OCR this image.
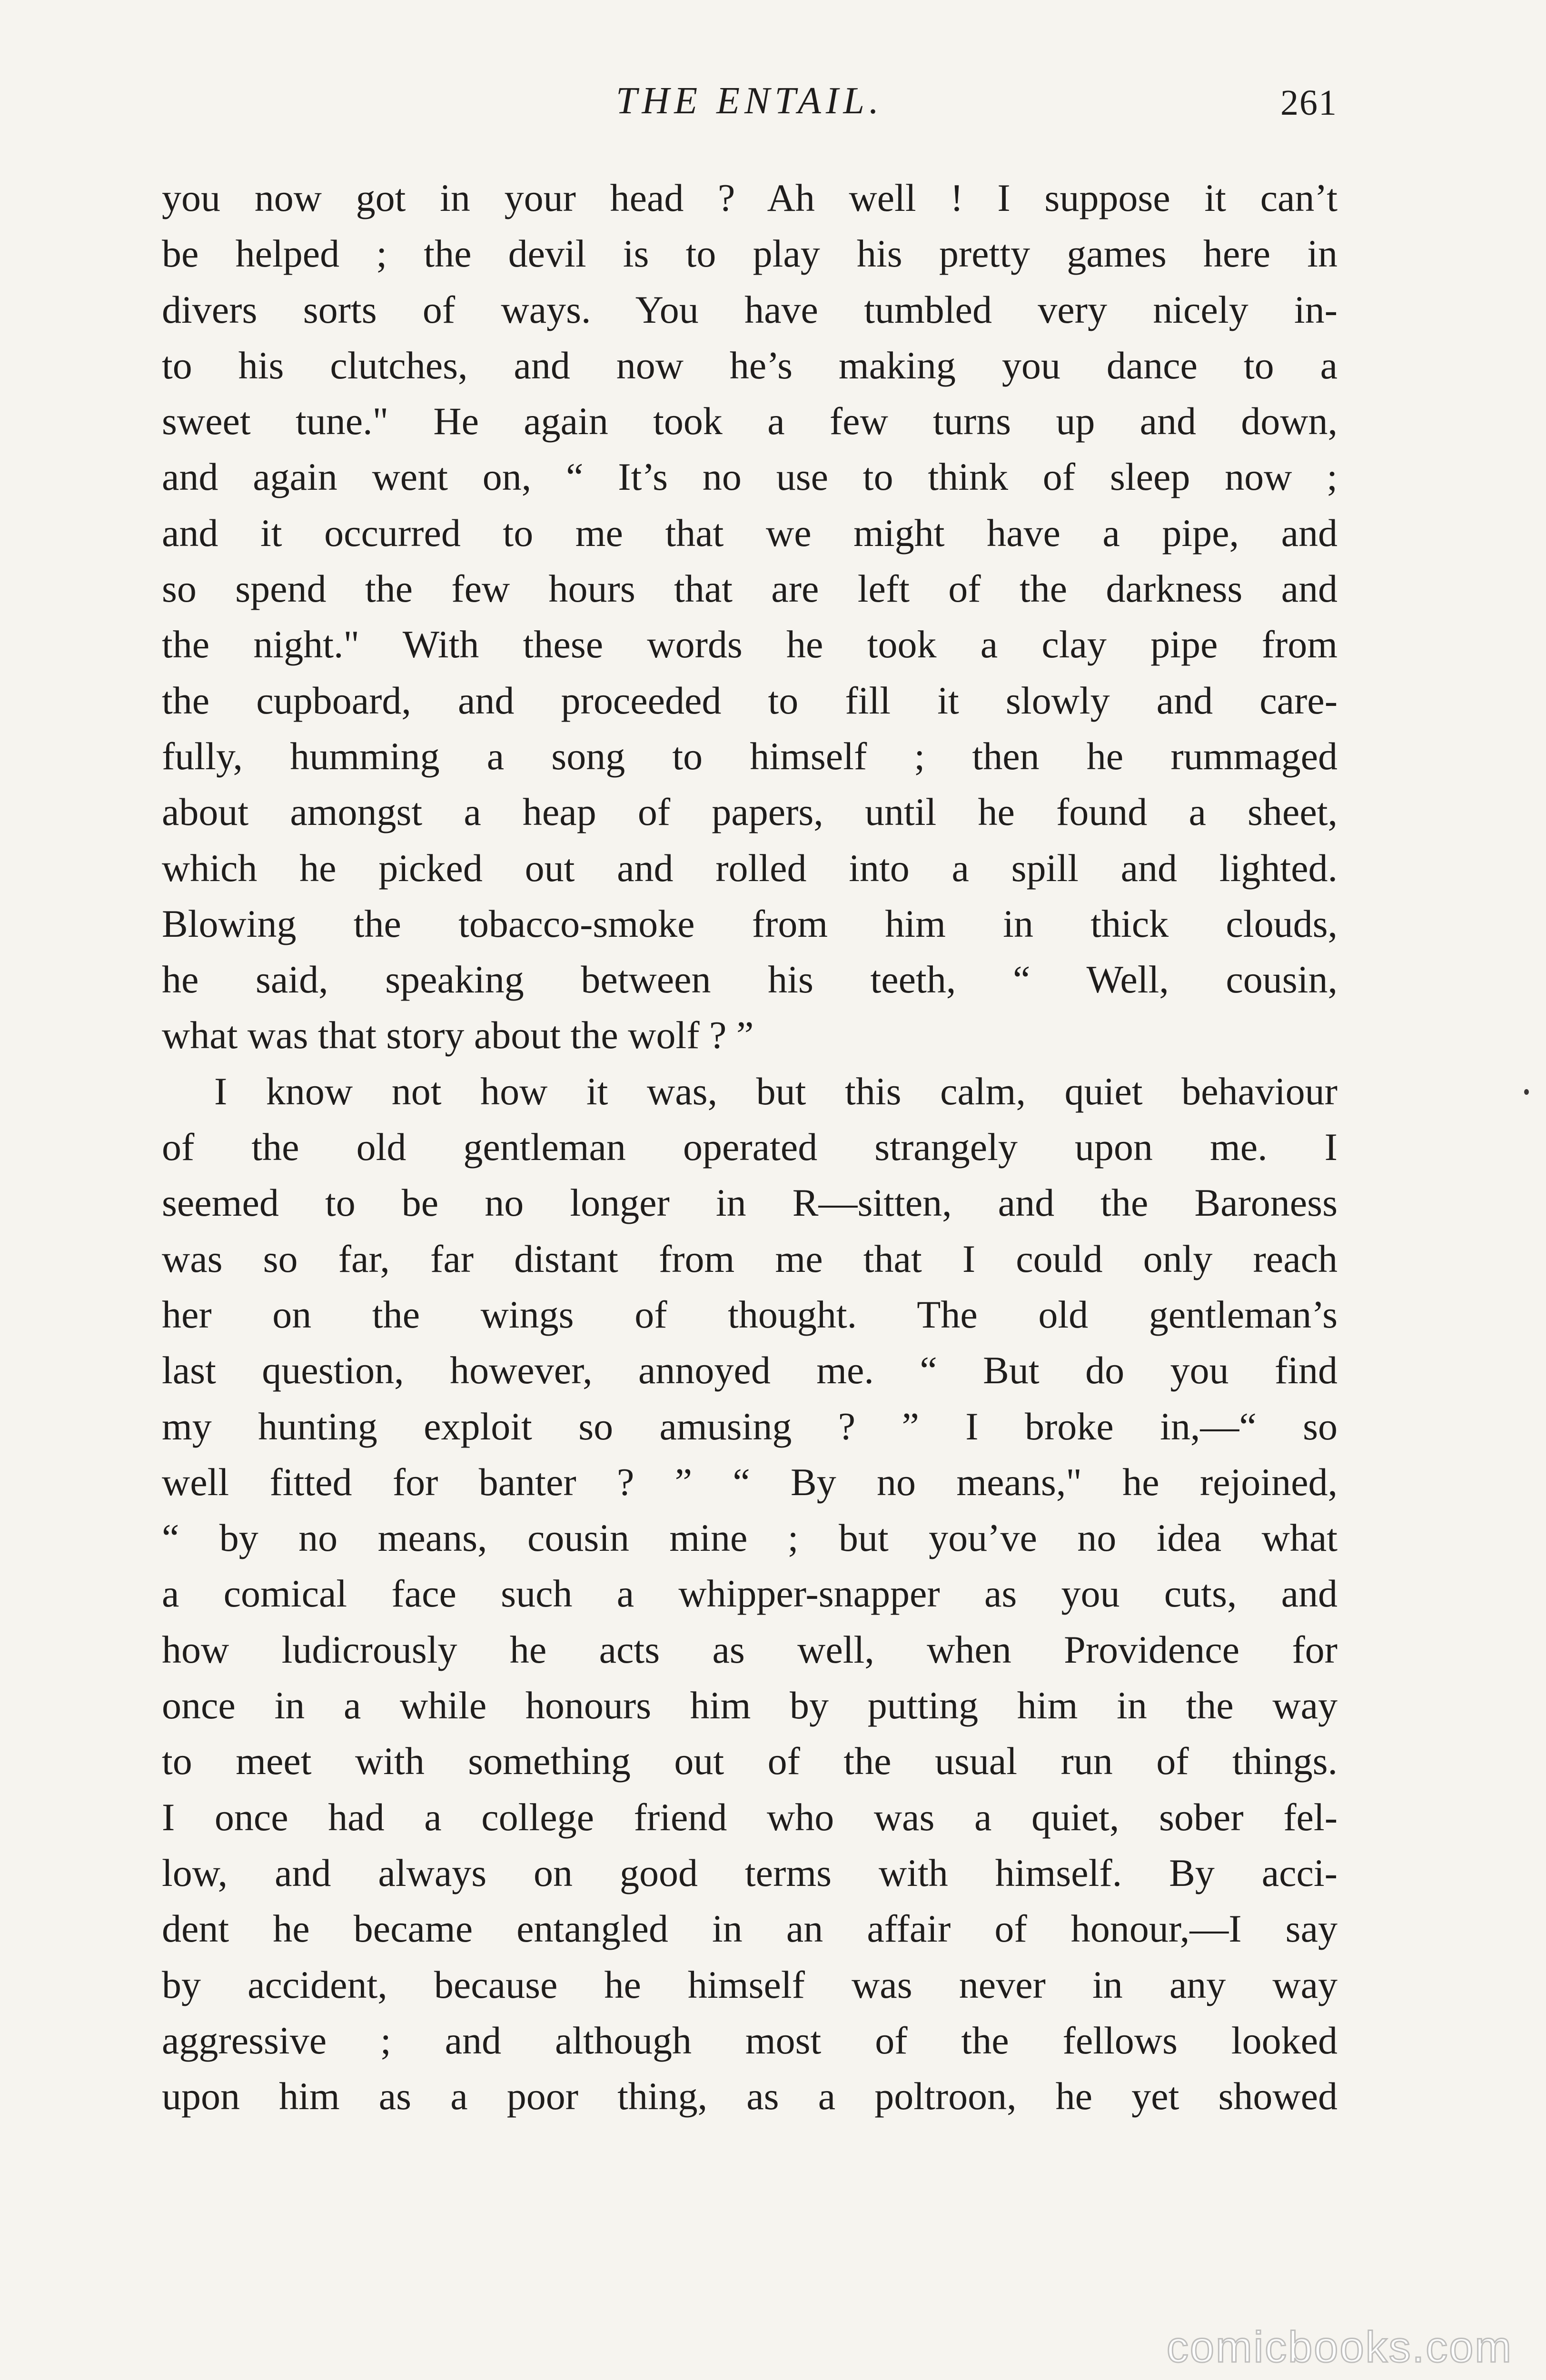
THE ENTAIL.	261
you now got in your head ? Ah well ! I suppose it can’t
be helped ; the devil is to play his pretty games here in
divers sorts of ways. You have tumbled very nicely in-
to his clutches, and now he’s making you dance to a
sweet tune." He again took a few turns up and down,
and again went on, “ It’s no use to think of sleep now ;
and it occurred to me that we might have a pipe, and
so spend the few hours that are left of the darkness and
the night." With these words he took a clay pipe from
the cupboard, and proceeded to fill it slowly and care-
fully, humming a song to himself ; then he rummaged
about amongst a heap of papers, until he found a sheet,
which he picked out and rolled into a spill and lighted.
Blowing the tobacco-smoke from him in thick clouds,
he said, speaking between his teeth, “ Well, cousin,
what was that story about the wolf ? ”
I know not how it was, but this calm, quiet behaviour
of the old gentleman operated strangely upon me. I
seemed to be no longer in R—sitten, and the Baroness
was so far, far distant from me that I could only reach
her on the wings of thought. The old gentleman’s
last question, however, annoyed me. “ But do you find
my hunting exploit so amusing ? ” I broke in,—“ so
well fitted for banter ? ” “ By no means," he rejoined,
“ by no means, cousin mine ; but you’ve no idea what
a comical face such a whipper-snapper as you cuts, and
how ludicrously he acts as well, when Providence for
once in a while honours him by putting him in the way
to meet with something out of the usual run of things.
I once had a college friend who was a quiet, sober fel-
low, and always on good terms with himself. By acci-
dent he became entangled in an affair of honour,—I say
by accident, because he himself was never in any way
aggressive ; and although most of the fellows looked
upon him as a poor thing, as a poltroon, he yet showed
comicbooks.com
